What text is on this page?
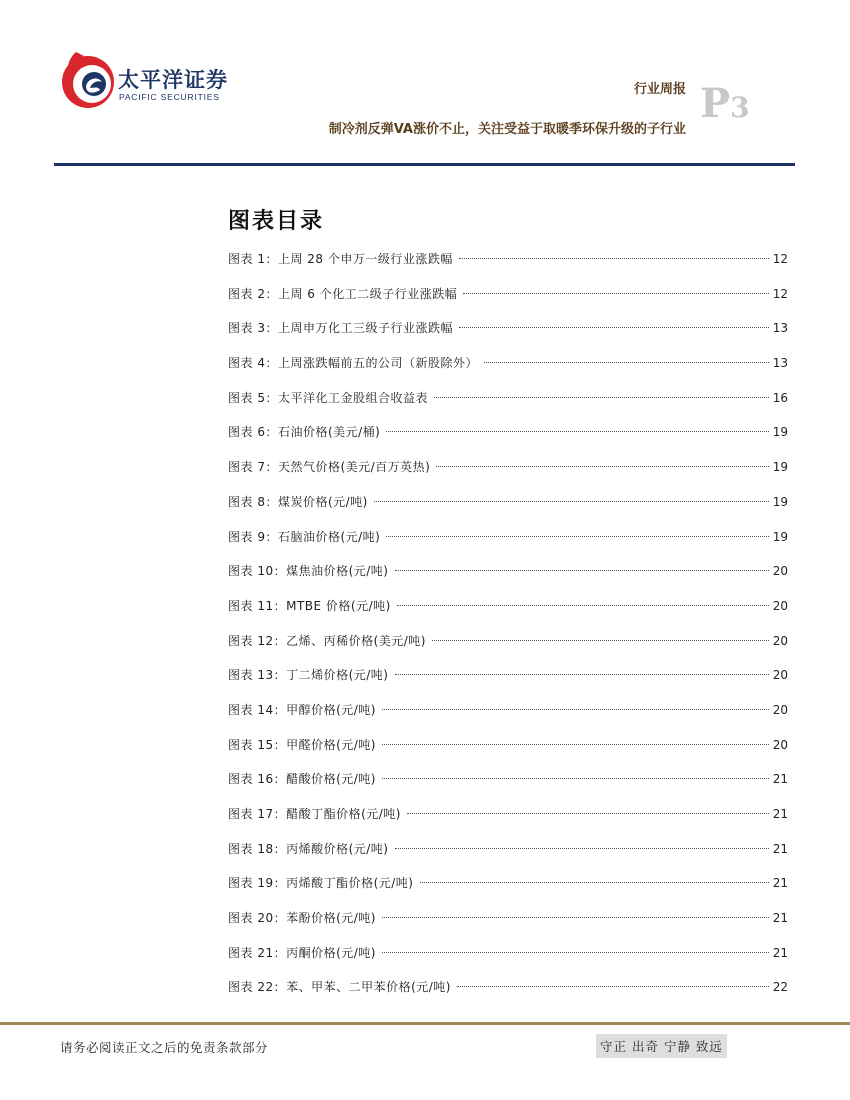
太平洋证券
PACIFIC SECURITIES	行业周报
制冷剂反弹VA涨价不止，关注受益于取暖季环保升级的子行业
P3
图表目录
图表 1：上周 28 个申万一级行业涨跌幅	12
图表 2：上周 6 个化工二级子行业涨跌幅	12
图表 3：上周申万化工三级子行业涨跌幅	13
图表 4：上周涨跌幅前五的公司（新股除外）	13
图表 5：太平洋化工金股组合收益表	16
图表 6：石油价格(美元/桶)	19
图表 7：天然气价格(美元/百万英热)	19
图表 8：煤炭价格(元/吨)	19
图表 9：石脑油价格(元/吨)	19
图表 10：煤焦油价格(元/吨)	20
图表 11：MTBE 价格(元/吨)	20
图表 12：乙烯、丙稀价格(美元/吨)	20
图表 13：丁二烯价格(元/吨)	20
图表 14：甲醇价格(元/吨)	20
图表 15：甲醛价格(元/吨)	20
图表 16：醋酸价格(元/吨)	21
图表 17：醋酸丁酯价格(元/吨)	21
图表 18：丙烯酸价格(元/吨)	21
图表 19：丙烯酸丁酯价格(元/吨)	21
图表 20：苯酚价格(元/吨)	21
图表 21：丙酮价格(元/吨)	21
图表 22：苯、甲苯、二甲苯价格(元/吨)	22
请务必阅读正文之后的免责条款部分	守正 出奇 宁静 致远
